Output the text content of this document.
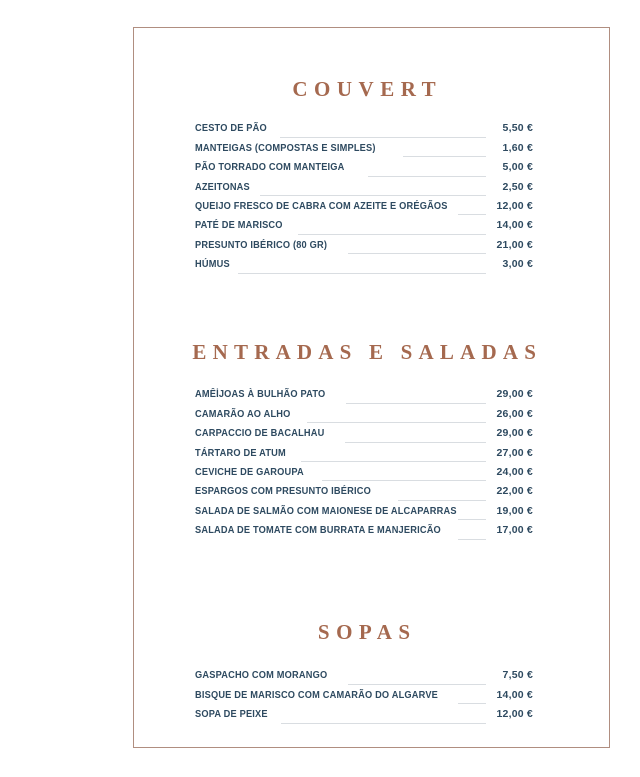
COUVERT
CESTO DE PÃO	5,50 €
MANTEIGAS (COMPOSTAS E SIMPLES)	1,60 €
PÃO TORRADO COM MANTEIGA	5,00 €
AZEITONAS	2,50 €
QUEIJO FRESCO DE CABRA COM AZEITE E ORÉGÃOS	12,00 €
PATÉ DE MARISCO	14,00 €
PRESUNTO IBÉRICO (80 GR)	21,00 €
HÚMUS	3,00 €
ENTRADAS E SALADAS
AMÊİJOAS À BULHÃO PATO	29,00 €
CAMARÃO AO ALHO	26,00 €
CARPACCIO DE BACALHAU	29,00 €
TÁRTARO DE ATUM	27,00 €
CEVICHE DE GAROUPA	24,00 €
ESPARGOS COM PRESUNTO IBÉRICO	22,00 €
SALADA DE SALMÃO COM MAIONESE DE ALCAPARRAS	19,00 €
SALADA DE TOMATE COM BURRATA E MANJERICÃO	17,00 €
SOPAS
GASPACHO COM MORANGO	7,50 €
BISQUE DE MARISCO COM CAMARÃO DO ALGARVE	14,00 €
SOPA DE PEIXE	12,00 €
